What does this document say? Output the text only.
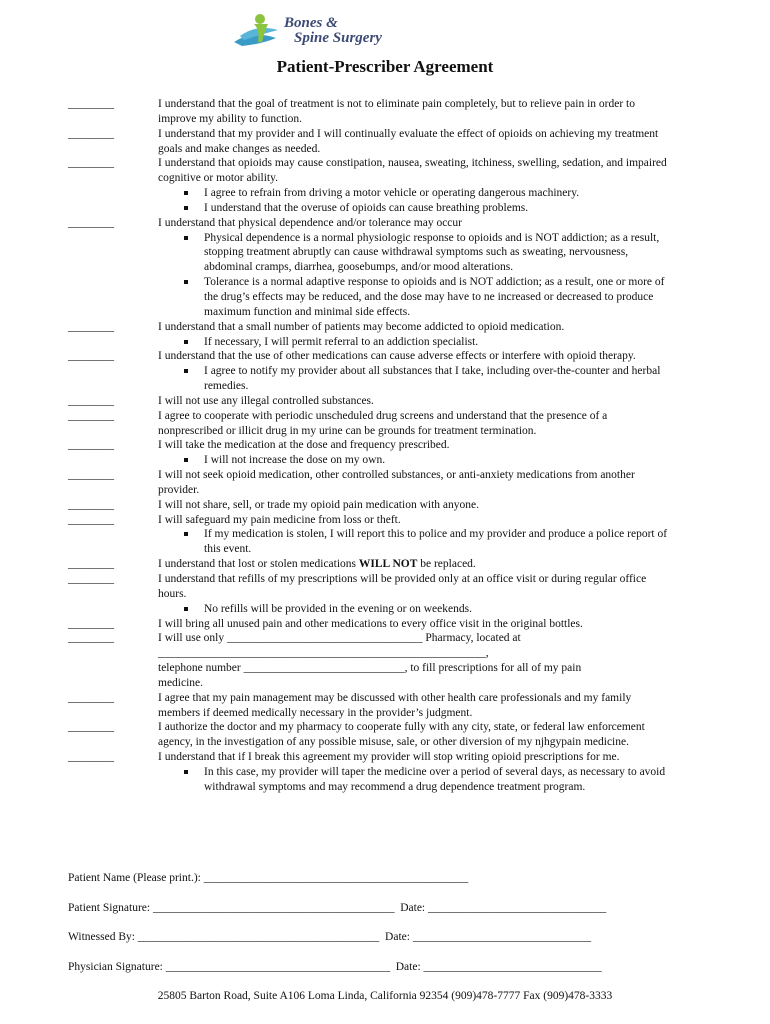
Bones &
Spine Surgery
Patient-Prescriber Agreement
________	I understand that the goal of treatment is not to eliminate pain completely, but to relieve pain in order to improve my ability to function.
________	I understand that my provider and I will continually evaluate the effect of opioids on achieving my treatment goals and make changes as needed.
________	I understand that opioids may cause constipation, nausea, sweating, itchiness, swelling, sedation, and impaired cognitive or motor ability.
I agree to refrain from driving a motor vehicle or operating dangerous machinery.
I understand that the overuse of opioids can cause breathing problems.
________	I understand that physical dependence and/or tolerance may occur
Physical dependence is a normal physiologic response to opioids and is NOT addiction; as a result, stopping treatment abruptly can cause withdrawal symptoms such as sweating, nervousness, abdominal cramps, diarrhea, goosebumps, and/or mood alterations.
Tolerance is a normal adaptive response to opioids and is NOT addiction; as a result, one or more of the drug’s effects may be reduced, and the dose may have to ne increased or decreased to produce maximum function and minimal side effects.
________	I understand that a small number of patients may become addicted to opioid medication.
If necessary, I will permit referral to an addiction specialist.
________	I understand that the use of other medications can cause adverse effects or interfere with opioid therapy.
I agree to notify my provider about all substances that I take, including over-the-counter and herbal remedies.
________	I will not use any illegal controlled substances.
________	I agree to cooperate with periodic unscheduled drug screens and understand that the presence of a nonprescribed or illicit drug in my urine can be grounds for treatment termination.
________	I will take the medication at the dose and frequency prescribed.
I will not increase the dose on my own.
________	I will not seek opioid medication, other controlled substances, or anti-anxiety medications from another provider.
________	I will not share, sell, or trade my opioid pain medication with anyone.
________	I will safeguard my pain medicine from loss or theft.
If my medication is stolen, I will report this to police and my provider and produce a police report of this event.
________	I understand that lost or stolen medications WILL NOT be replaced.
________	I understand that refills of my prescriptions will be provided only at an office visit or during regular office hours.
No refills will be provided in the evening or on weekends.
________	I will bring all unused pain and other medications to every office visit in the original bottles.
________	I will use only __________________________________ Pharmacy, located at
_________________________________________________________,
telephone number ____________________________, to fill prescriptions for all of my pain
medicine.
________	I agree that my pain management may be discussed with other health care professionals and my family members if deemed medically necessary in the provider’s judgment.
________	I authorize the doctor and my pharmacy to cooperate fully with any city, state, or federal law enforcement agency, in the investigation of any possible misuse, sale, or other diversion of my njhgypain medicine.
________	I understand that if I break this agreement my provider will stop writing opioid prescriptions for me.
In this case, my provider will taper the medicine over a period of several days, as necessary to avoid withdrawal symptoms and may recommend a drug dependence treatment program.
Patient Name (Please print.): ______________________________________________
Patient Signature: __________________________________________  Date: _______________________________
Witnessed By: __________________________________________  Date: _______________________________
Physician Signature: _______________________________________  Date: _______________________________
25805 Barton Road, Suite A106 Loma Linda, California 92354 (909)478-7777 Fax (909)478-3333
